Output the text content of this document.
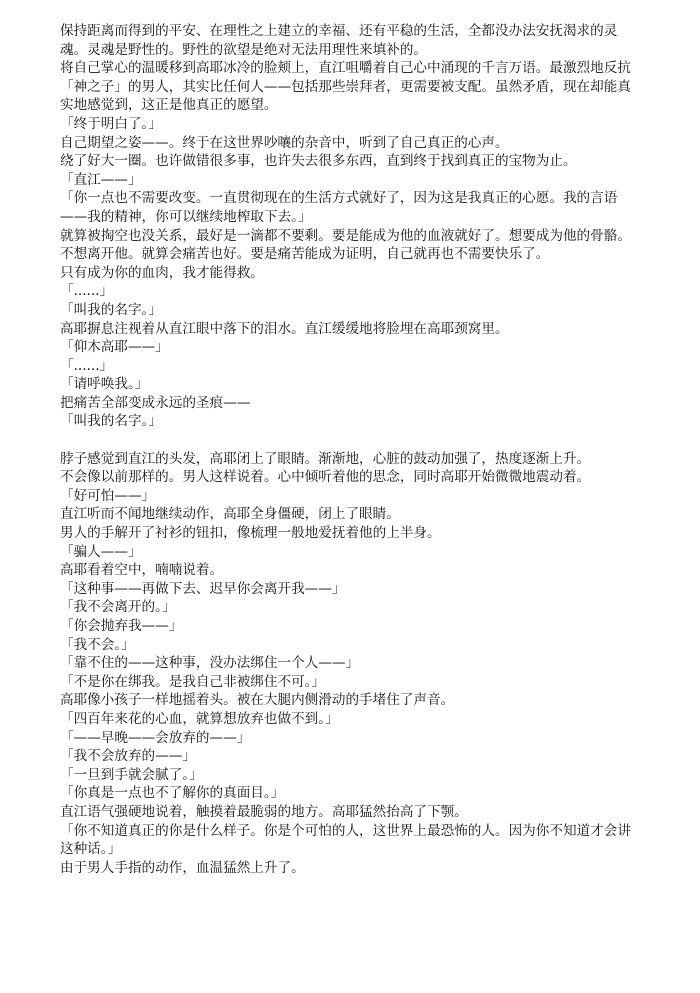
保持距离而得到的平安、在理性之上建立的幸福、还有平稳的生活，全都没办法安抚渴求的灵魂。灵魂是野性的。野性的欲望是绝对无法用理性来填补的。

将自己掌心的温暖移到高耶冰冷的脸颊上，直江咀嚼着自己心中涌现的千言万语。最激烈地反抗「神之子」的男人，其实比任何人——包括那些崇拜者，更需要被支配。虽然矛盾，现在却能真实地感觉到，这正是他真正的愿望。

「终于明白了。」

自己期望之姿——。终于在这世界吵嚷的杂音中，听到了自己真正的心声。

绕了好大一圈。也许做错很多事，也许失去很多东西，直到终于找到真正的宝物为止。

「直江——」

「你一点也不需要改变。一直贯彻现在的生活方式就好了，因为这是我真正的心愿。我的言语——我的精神，你可以继续地榨取下去。」

就算被掏空也没关系，最好是一滴都不要剩。要是能成为他的血液就好了。想要成为他的骨骼。不想离开他。就算会痛苦也好。要是痛苦能成为证明，自己就再也不需要快乐了。

只有成为你的血肉，我才能得救。

「......」

「叫我的名字。」

高耶摒息注视着从直江眼中落下的泪水。直江缓缓地将脸埋在高耶颈窝里。

「仰木高耶——」

「......」

「请呼唤我。」

把痛苦全部变成永远的圣痕——

「叫我的名字。」

脖子感觉到直江的头发，高耶闭上了眼睛。渐渐地，心脏的鼓动加强了，热度逐渐上升。

不会像以前那样的。男人这样说着。心中倾听着他的思念，同时高耶开始微微地震动着。

「好可怕——」

直江听而不闻地继续动作，高耶全身僵硬，闭上了眼睛。

男人的手解开了衬衫的钮扣，像梳理一般地爱抚着他的上半身。

「骗人——」

高耶看着空中，喃喃说着。

「这种事——再做下去、迟早你会离开我——」

「我不会离开的。」

「你会抛弃我——」

「我不会。」

「靠不住的——这种事，没办法绑住一个人——」

「不是你在绑我。是我自己非被绑住不可。」

高耶像小孩子一样地摇着头。被在大腿内侧滑动的手堵住了声音。

「四百年来花的心血，就算想放弃也做不到。」

「——早晚——会放弃的——」

「我不会放弃的——」

「一旦到手就会腻了。」

「你真是一点也不了解你的真面目。」

直江语气强硬地说着，触摸着最脆弱的地方。高耶猛然抬高了下颚。

「你不知道真正的你是什么样子。你是个可怕的人，这世界上最恐怖的人。因为你不知道才会讲这种话。」

由于男人手指的动作，血温猛然上升了。
